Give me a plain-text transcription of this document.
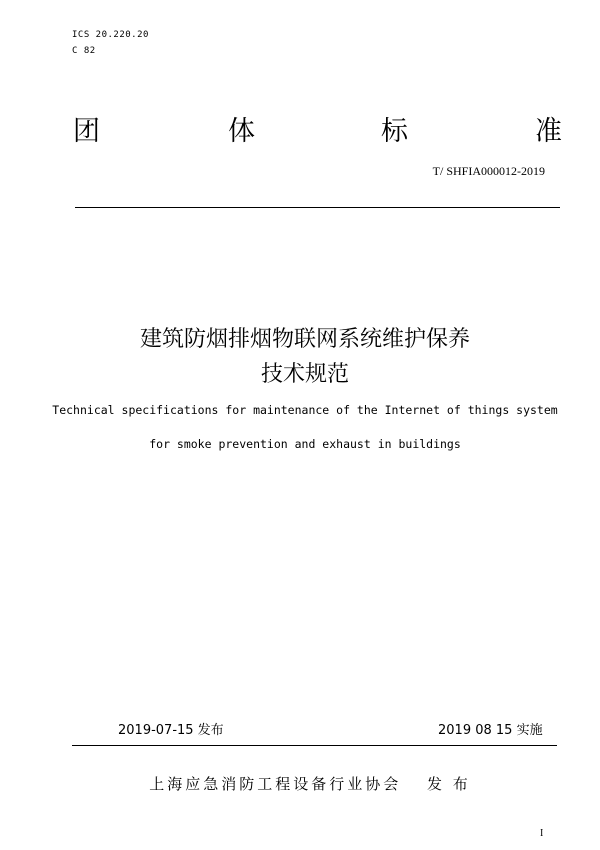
ICS 20.220.20
C 82
团	体	标	准
T/ SHFIA000012-2019
建筑防烟排烟物联网系统维护保养
技术规范
Technical specifications for maintenance of the Internet of things system
for smoke prevention and exhaust in buildings
2019-07-15 发布	2019 08 15 实施
上海应急消防工程设备行业协会　 发 布
I
